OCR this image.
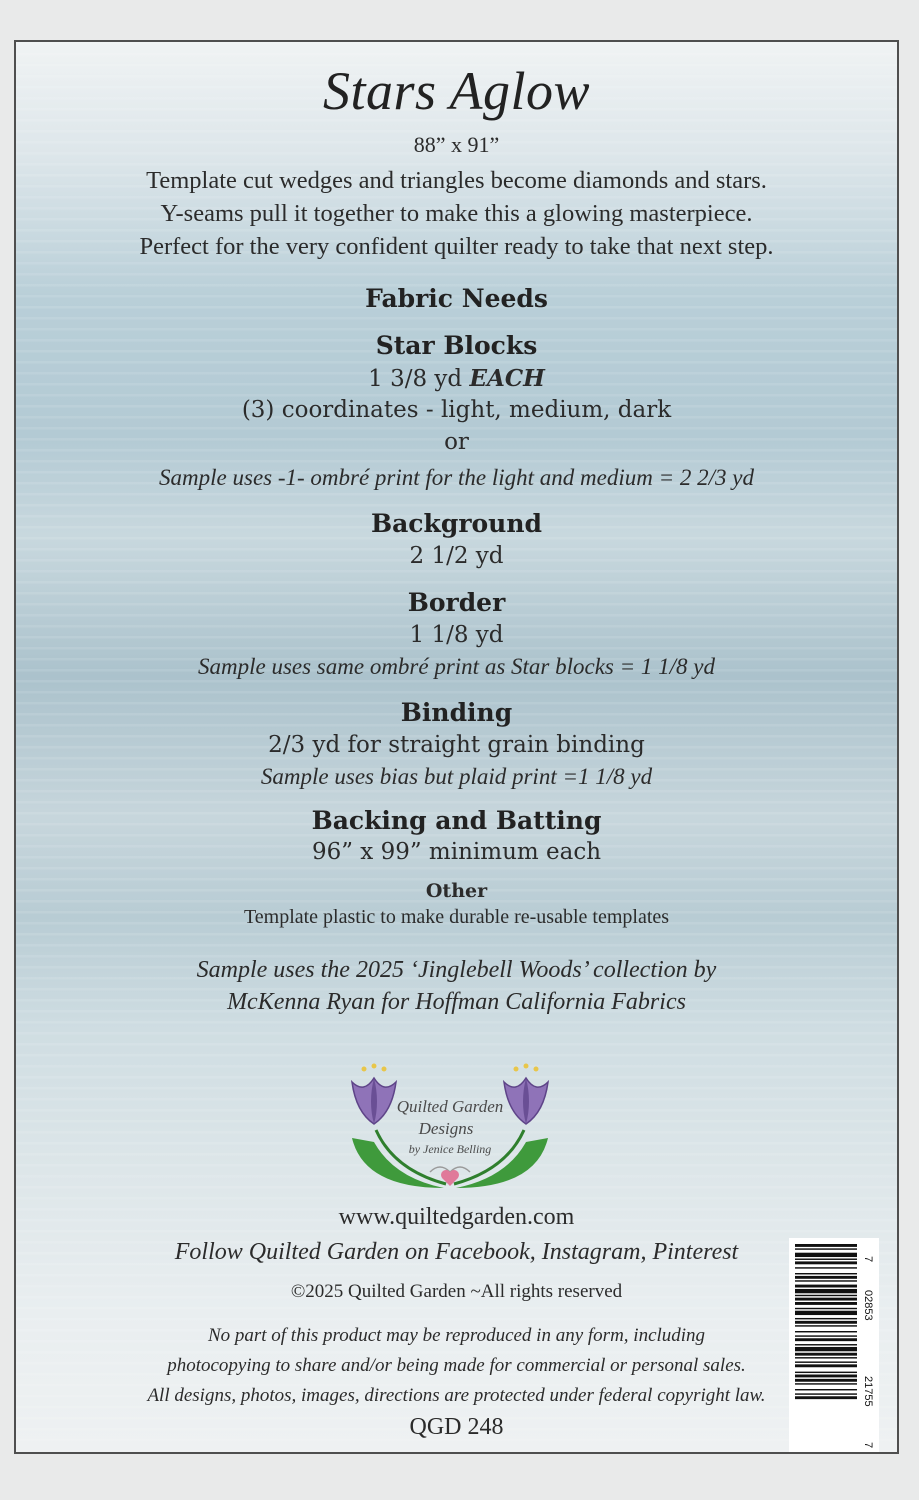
Stars Aglow
88” x 91”
Template cut wedges and triangles become diamonds and stars.
Y-seams pull it together to make this a glowing masterpiece.
Perfect for the very confident quilter ready to take that next step.
Fabric Needs
Star Blocks
1 3/8 yd EACH
(3) coordinates - light, medium, dark
or
Sample uses -1- ombré print for the light and medium = 2 2/3 yd
Background
2 1/2 yd
Border
1 1/8 yd
Sample uses same ombré print as Star blocks = 1 1/8 yd
Binding
2/3 yd for straight grain binding
Sample uses bias but plaid print =1 1/8 yd
Backing and Batting
96” x 99” minimum each
Other
Template plastic to make durable re-usable templates
Sample uses the 2025 ‘Jinglebell Woods’ collection by
McKenna Ryan for Hoffman California Fabrics
Quilted Garden
Designs
by Jenice Belling
www.quiltedgarden.com
Follow Quilted Garden on Facebook, Instagram, Pinterest
©2025 Quilted Garden ~All rights reserved
No part of this product may be reproduced in any form, including
photocopying to share and/or being made for commercial or personal sales.
All designs, photos, images, directions are protected under federal copyright law.
QGD 248
7
02853
21755
7
